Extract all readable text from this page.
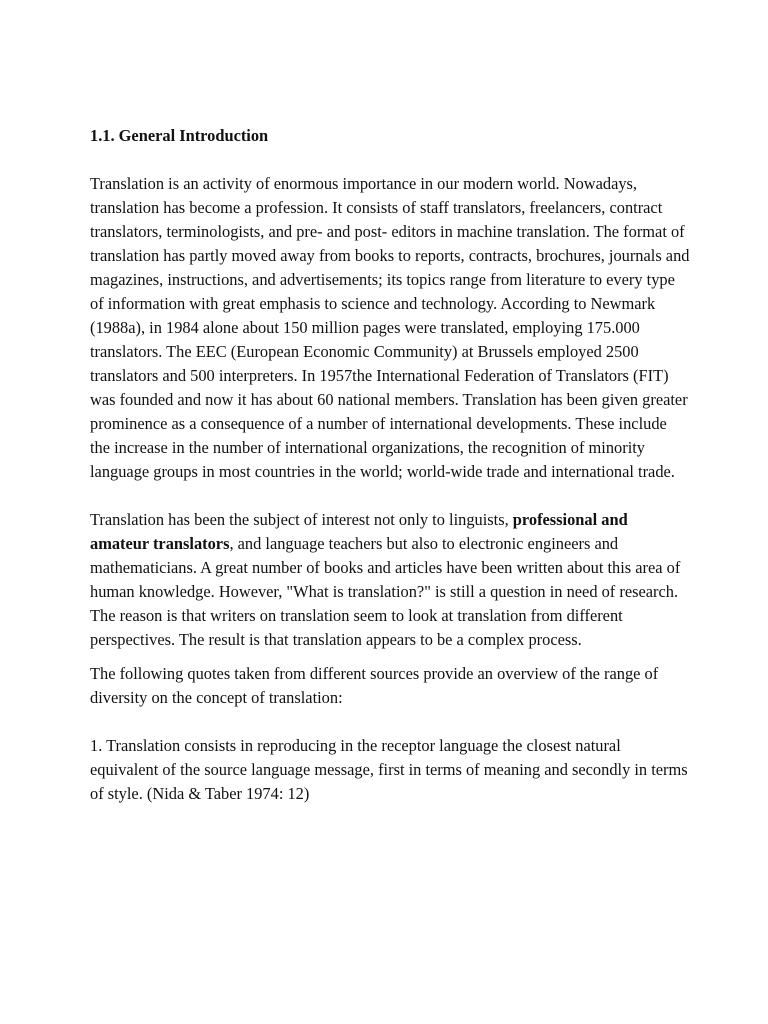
1.1. General Introduction

Translation is an activity of enormous importance in our modern world. Nowadays, translation has become a profession. It consists of staff translators, freelancers, contract translators, terminologists, and pre- and post- editors in machine translation. The format of translation has partly moved away from books to reports, contracts, brochures, journals and magazines, instructions, and advertisements; its topics range from literature to every type of information with great emphasis to science and technology. According to Newmark (1988a), in 1984 alone about 150 million pages were translated, employing 175.000 translators. The EEC (European Economic Community) at Brussels employed 2500 translators and 500 interpreters. In 1957the International Federation of Translators (FIT) was founded and now it has about 60 national members. Translation has been given greater prominence as a consequence of a number of international developments. These include the increase in the number of international organizations, the recognition of minority language groups in most countries in the world; world-wide trade and international trade.

Translation has been the subject of interest not only to linguists, professional and amateur translators, and language teachers but also to electronic engineers and mathematicians. A great number of books and articles have been written about this area of human knowledge. However, "What is translation?" is still a question in need of research. The reason is that writers on translation seem to look at translation from different perspectives. The result is that translation appears to be a complex process.

The following quotes taken from different sources provide an overview of the range of diversity on the concept of translation:

1. Translation consists in reproducing in the receptor language the closest natural equivalent of the source language message, first in terms of meaning and secondly in terms of style. (Nida & Taber 1974: 12)
